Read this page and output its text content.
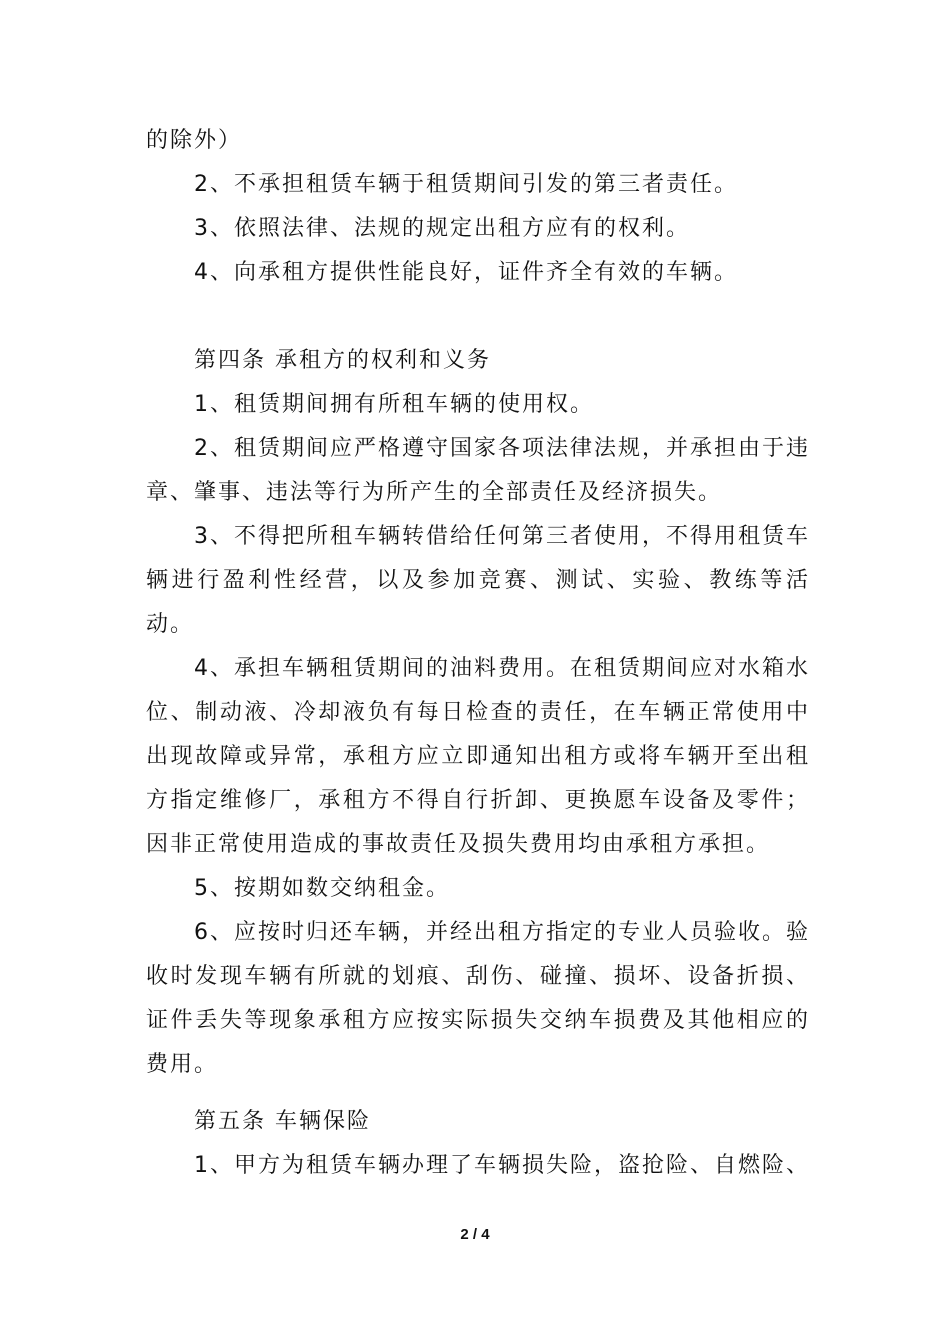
的除外）

2、不承担租赁车辆于租赁期间引发的第三者责任。

3、依照法律、法规的规定出租方应有的权利。

4、向承租方提供性能良好，证件齐全有效的车辆。

第四条 承租方的权利和义务

1、租赁期间拥有所租车辆的使用权。

2、租赁期间应严格遵守国家各项法律法规，并承担由于违章、肇事、违法等行为所产生的全部责任及经济损失。

3、不得把所租车辆转借给任何第三者使用，不得用租赁车辆进行盈利性经营，以及参加竞赛、测试、实验、教练等活动。

4、承担车辆租赁期间的油料费用。在租赁期间应对水箱水位、制动液、冷却液负有每日检查的责任，在车辆正常使用中出现故障或异常，承租方应立即通知出租方或将车辆开至出租方指定维修厂，承租方不得自行折卸、更换愿车设备及零件；因非正常使用造成的事故责任及损失费用均由承租方承担。

5、按期如数交纳租金。

6、应按时归还车辆，并经出租方指定的专业人员验收。验收时发现车辆有所就的划痕、刮伤、碰撞、损坏、设备折损、证件丢失等现象承租方应按实际损失交纳车损费及其他相应的费用。

第五条 车辆保险

1、甲方为租赁车辆办理了车辆损失险，盗抢险、自燃险、

2 / 4
